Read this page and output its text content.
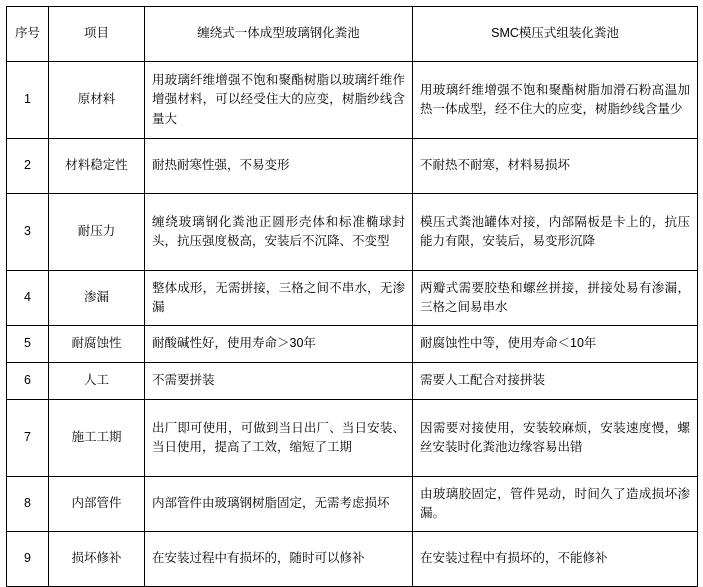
序号	项目	缠绕式一体成型玻璃钢化粪池	SMC模压式组装化粪池
1	原材料	用玻璃纤维增强不饱和聚酯树脂以玻璃纤维作增强材料，可以经受住大的应变，树脂纱线含量大	用玻璃纤维增强不饱和聚酯树脂加滑石粉高温加热一体成型，经不住大的应变，树脂纱线含量少
2	材料稳定性	耐热耐寒性强，不易变形	不耐热不耐寒，材料易损坏
3	耐压力	缠绕玻璃钢化粪池正圆形壳体和标准椭球封头，抗压强度极高，安装后不沉降、不变型	模压式粪池罐体对接，内部隔板是卡上的，抗压能力有限，安装后，易变形沉降
4	渗漏	整体成形，无需拼接，三格之间不串水，无渗漏	两瓣式需要胶垫和螺丝拼接，拼接处易有渗漏，三格之间易串水
5	耐腐蚀性	耐酸碱性好，使用寿命＞30年	耐腐蚀性中等，使用寿命＜10年
6	人工	不需要拼装	需要人工配合对接拼装
7	施工工期	出厂即可使用，可做到当日出厂、当日安装、当日使用，提高了工效，缩短了工期	因需要对接使用，安装较麻烦，安装速度慢，螺丝安装时化粪池边缘容易出错
8	内部管件	内部管件由玻璃钢树脂固定，无需考虑损坏	由玻璃胶固定，管件晃动，时间久了造成损坏渗漏。
9	损坏修补	在安装过程中有损坏的，随时可以修补	在安装过程中有损坏的，不能修补
